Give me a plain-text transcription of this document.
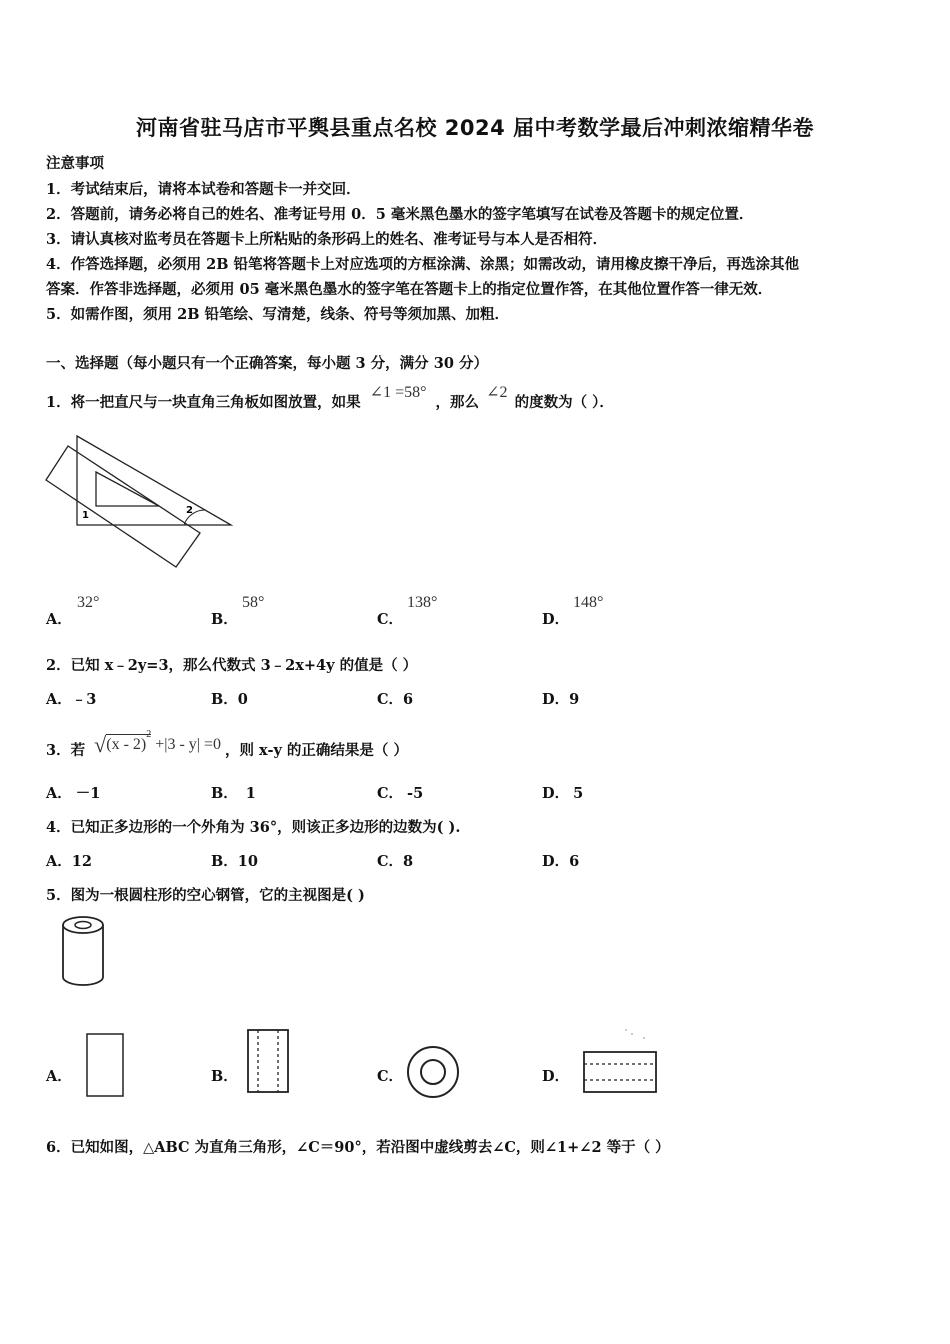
河南省驻马店市平舆县重点名校 2024 届中考数学最后冲刺浓缩精华卷
注意事项
1．考试结束后，请将本试卷和答题卡一并交回．
2．答题前，请务必将自己的姓名、准考证号用 0．5 毫米黑色墨水的签字笔填写在试卷及答题卡的规定位置．
3．请认真核对监考员在答题卡上所粘贴的条形码上的姓名、准考证号与本人是否相符．
4．作答选择题，必须用 2B 铅笔将答题卡上对应选项的方框涂满、涂黑；如需改动，请用橡皮擦干净后，再选涂其他
答案．作答非选择题，必须用 05 毫米黑色墨水的签字笔在答题卡上的指定位置作答，在其他位置作答一律无效．
5．如需作图，须用 2B 铅笔绘、写清楚，线条、符号等须加黑、加粗．
一、选择题（每小题只有一个正确答案，每小题 3 分，满分 30 分）
1．将一把直尺与一块直角三角板如图放置，如果 ∠1 =58° ，那么 ∠2 的度数为（ ）．
1	2
A．
32°
B．
58°
C．
138°
D．
148°
2．已知 x﹣2y=3，那么代数式 3﹣2x+4y 的值是（ ）
A．﹣3	B．0	C．6	D．9
3．若 √(x - 2)$^2$+|3 - y| =0 ，则 x-y 的正确结果是（ ）
A． －1	B． 1	C． -5	D． 5
4．已知正多边形的一个外角为 36°，则该正多边形的边数为( ).
A．12	B．10	C．8	D．6
5．图为一根圆柱形的空心钢管，它的主视图是( )
A．	B．	C．	D．
6．已知如图，△ABC 为直角三角形，∠C＝90°，若沿图中虚线剪去∠C，则∠1+∠2 等于（ ）
